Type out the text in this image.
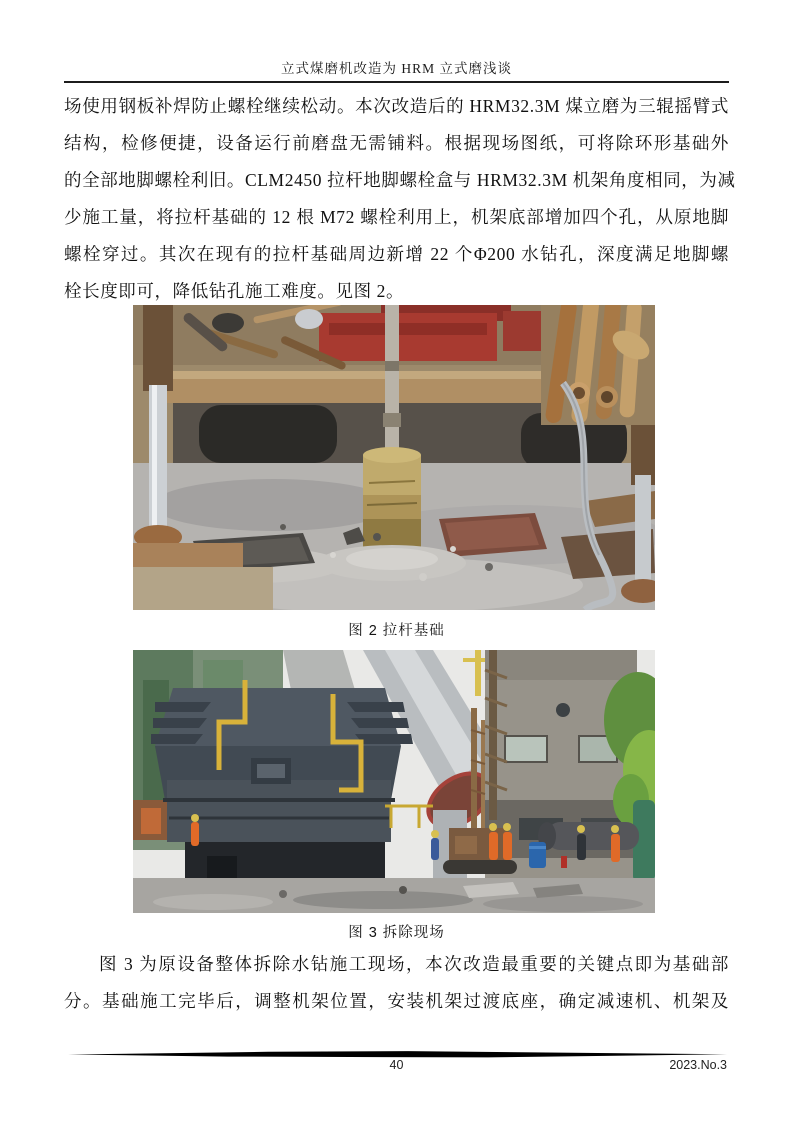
立式煤磨机改造为 HRM 立式磨浅谈
场使用钢板补焊防止螺栓继续松动。本次改造后的 HRM32.3M 煤立磨为三辊摇臂式
结构，检修便捷，设备运行前磨盘无需铺料。根据现场图纸，可将除环形基础外
的全部地脚螺栓利旧。CLM2450 拉杆地脚螺栓盒与 HRM32.3M 机架角度相同，为减
少施工量，将拉杆基础的 12 根 M72 螺栓利用上，机架底部增加四个孔，从原地脚
螺栓穿过。其次在现有的拉杆基础周边新增 22 个Φ200 水钻孔，深度满足地脚螺
栓长度即可，降低钻孔施工难度。见图 2。
图 2 拉杆基础
图 3 拆除现场
图 3 为原设备整体拆除水钻施工现场，本次改造最重要的关键点即为基础部
分。基础施工完毕后，调整机架位置，安装机架过渡底座，确定减速机、机架及
40	2023.No.3
